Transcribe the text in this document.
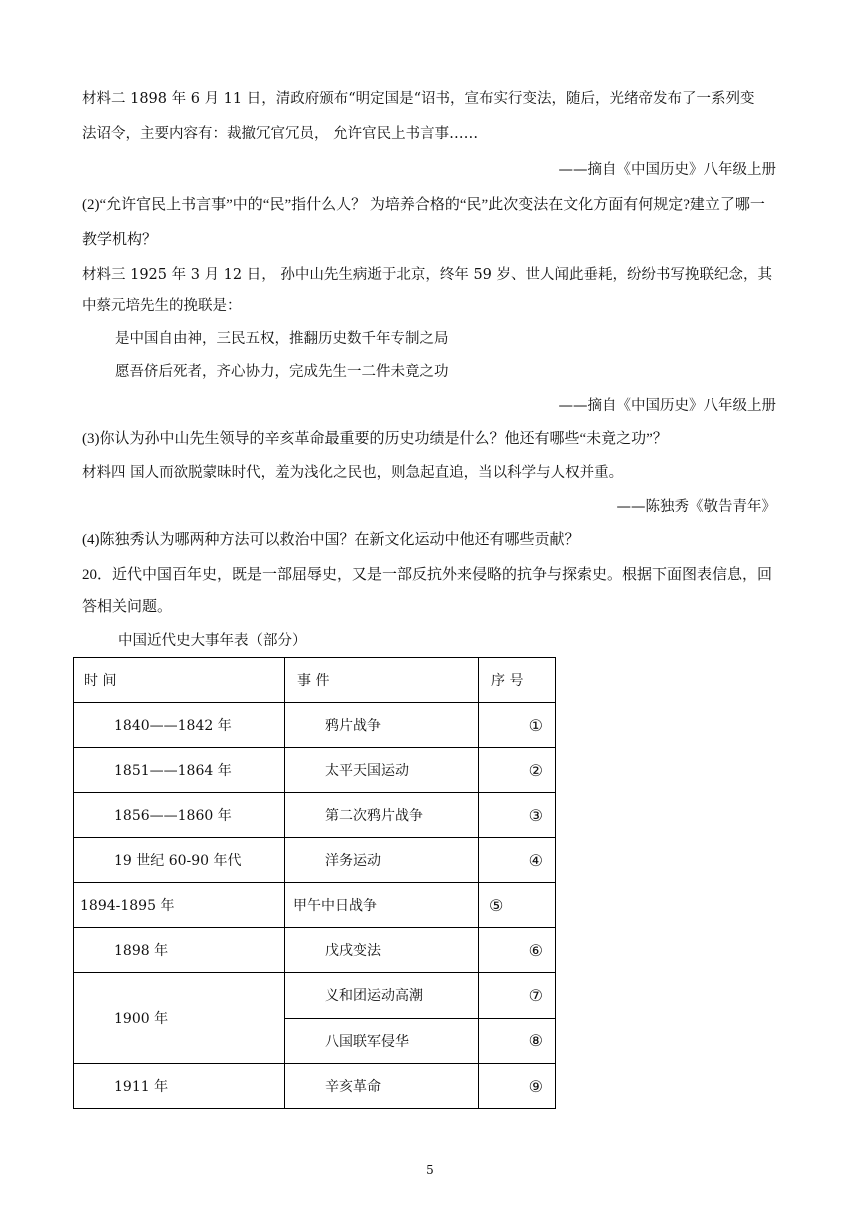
材料二 1898 年 6 月 11 日，清政府颁布“明定国是“诏书，宣布实行变法，随后，光绪帝发布了一系列变
法诏令，主要内容有：裁撤冗官冗员， 允许官民上书言事……
——摘自《中国历史》八年级上册
(2)“允许官民上书言事”中的“民”指什么人？ 为培养合格的“民”此次变法在文化方面有何规定?建立了哪一
教学机构？
材料三 1925 年 3 月 12 日， 孙中山先生病逝于北京，终年 59 岁、世人闻此垂耗，纷纷书写挽联纪念，其
中蔡元培先生的挽联是：
是中国自由神，三民五权，推翻历史数千年专制之局
愿吾侪后死者，齐心协力，完成先生一二件未竟之功
——摘自《中国历史》八年级上册
(3)你认为孙中山先生领导的辛亥革命最重要的历史功绩是什么？他还有哪些“未竟之功”？
材料四 国人而欲脱蒙昧时代，羞为浅化之民也，则急起直追，当以科学与人权并重。
——陈独秀《敬告青年》
(4)陈独秀认为哪两种方法可以救治中国？在新文化运动中他还有哪些贡献？
20．近代中国百年史，既是一部屈辱史，又是一部反抗外来侵略的抗争与探索史。根据下面图表信息，回
答相关问题。
中国近代史大事年表（部分）
时 间	事 件	序 号
1840——1842 年	鸦片战争	①
1851——1864 年	太平天国运动	②
1856——1860 年	第二次鸦片战争	③
19 世纪 60-90 年代	洋务运动	④
1894-1895 年	甲午中日战争	⑤
1898 年	戊戌变法	⑥
1900 年	义和团运动高潮	⑦
	八国联军侵华	⑧
1911 年	辛亥革命	⑨
5
